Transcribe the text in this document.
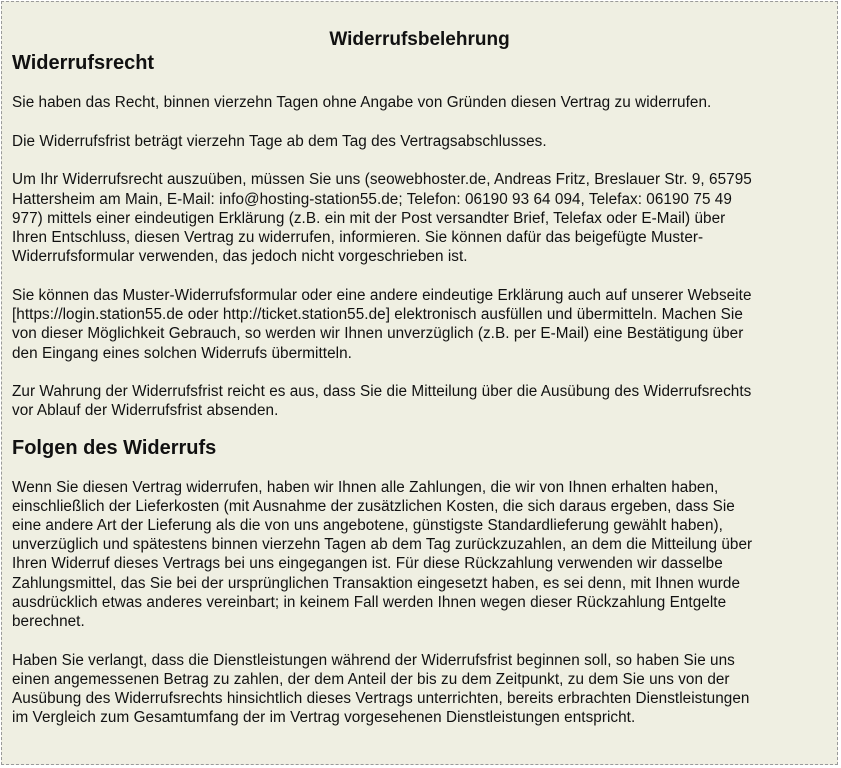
Widerrufsbelehrung
Widerrufsrecht

Sie haben das Recht, binnen vierzehn Tagen ohne Angabe von Gründen diesen Vertrag zu widerrufen.

Die Widerrufsfrist beträgt vierzehn Tage ab dem Tag des Vertragsabschlusses.

Um Ihr Widerrufsrecht auszuüben, müssen Sie uns (seowebhoster.de, Andreas Fritz, Breslauer Str. 9, 65795
Hattersheim am Main, E-Mail: info@hosting-station55.de; Telefon: 06190 93 64 094, Telefax: 06190 75 49
977) mittels einer eindeutigen Erklärung (z.B. ein mit der Post versandter Brief, Telefax oder E-Mail) über
Ihren Entschluss, diesen Vertrag zu widerrufen, informieren. Sie können dafür das beigefügte Muster-
Widerrufsformular verwenden, das jedoch nicht vorgeschrieben ist.

Sie können das Muster-Widerrufsformular oder eine andere eindeutige Erklärung auch auf unserer Webseite
[https://login.station55.de oder http://ticket.station55.de] elektronisch ausfüllen und übermitteln. Machen Sie
von dieser Möglichkeit Gebrauch, so werden wir Ihnen unverzüglich (z.B. per E-Mail) eine Bestätigung über
den Eingang eines solchen Widerrufs übermitteln.

Zur Wahrung der Widerrufsfrist reicht es aus, dass Sie die Mitteilung über die Ausübung des Widerrufsrechts
vor Ablauf der Widerrufsfrist absenden.

Folgen des Widerrufs

Wenn Sie diesen Vertrag widerrufen, haben wir Ihnen alle Zahlungen, die wir von Ihnen erhalten haben,
einschließlich der Lieferkosten (mit Ausnahme der zusätzlichen Kosten, die sich daraus ergeben, dass Sie
eine andere Art der Lieferung als die von uns angebotene, günstigste Standardlieferung gewählt haben),
unverzüglich und spätestens binnen vierzehn Tagen ab dem Tag zurückzuzahlen, an dem die Mitteilung über
Ihren Widerruf dieses Vertrags bei uns eingegangen ist. Für diese Rückzahlung verwenden wir dasselbe
Zahlungsmittel, das Sie bei der ursprünglichen Transaktion eingesetzt haben, es sei denn, mit Ihnen wurde
ausdrücklich etwas anderes vereinbart; in keinem Fall werden Ihnen wegen dieser Rückzahlung Entgelte
berechnet.

Haben Sie verlangt, dass die Dienstleistungen während der Widerrufsfrist beginnen soll, so haben Sie uns
einen angemessenen Betrag zu zahlen, der dem Anteil der bis zu dem Zeitpunkt, zu dem Sie uns von der
Ausübung des Widerrufsrechts hinsichtlich dieses Vertrags unterrichten, bereits erbrachten Dienstleistungen
im Vergleich zum Gesamtumfang der im Vertrag vorgesehenen Dienstleistungen entspricht.
